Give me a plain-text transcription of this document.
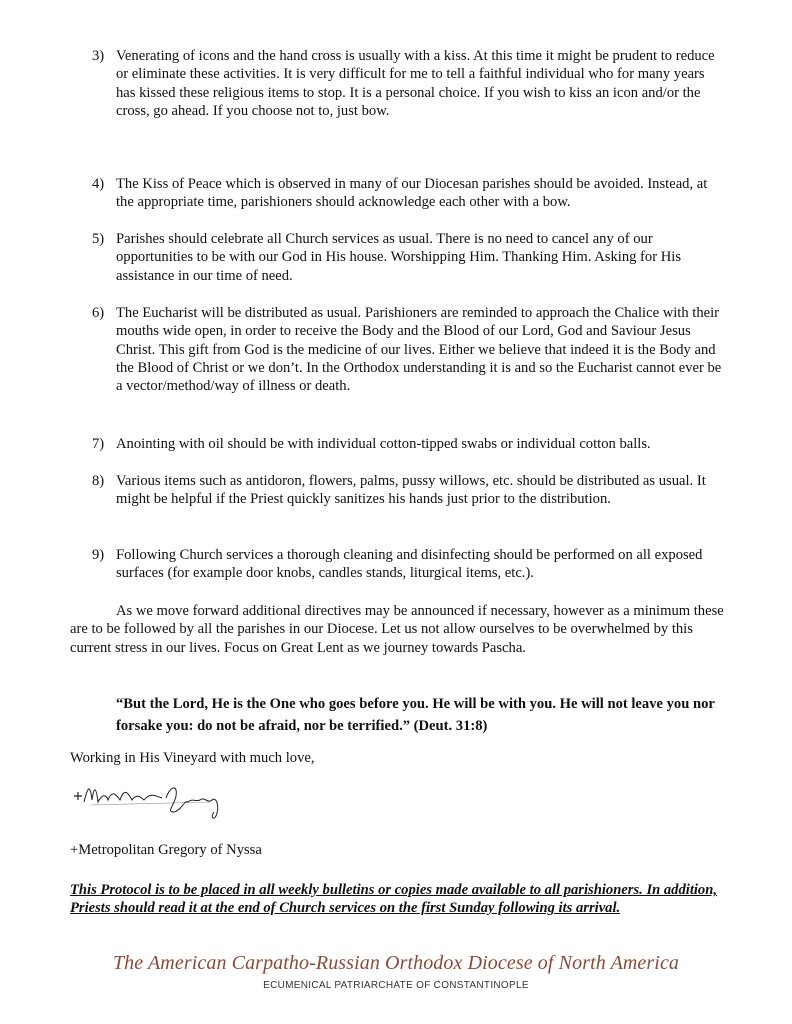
3) Venerating of icons and the hand cross is usually with a kiss. At this time it might be prudent to reduce or eliminate these activities. It is very difficult for me to tell a faithful individual who for many years has kissed these religious items to stop. It is a personal choice. If you wish to kiss an icon and/or the cross, go ahead. If you choose not to, just bow.
4) The Kiss of Peace which is observed in many of our Diocesan parishes should be avoided. Instead, at the appropriate time, parishioners should acknowledge each other with a bow.
5) Parishes should celebrate all Church services as usual. There is no need to cancel any of our opportunities to be with our God in His house. Worshipping Him. Thanking Him. Asking for His assistance in our time of need.
6) The Eucharist will be distributed as usual. Parishioners are reminded to approach the Chalice with their mouths wide open, in order to receive the Body and the Blood of our Lord, God and Saviour Jesus Christ. This gift from God is the medicine of our lives. Either we believe that indeed it is the Body and the Blood of Christ or we don’t. In the Orthodox understanding it is and so the Eucharist cannot ever be a vector/method/way of illness or death.
7) Anointing with oil should be with individual cotton-tipped swabs or individual cotton balls.
8) Various items such as antidoron, flowers, palms, pussy willows, etc. should be distributed as usual. It might be helpful if the Priest quickly sanitizes his hands just prior to the distribution.
9) Following Church services a thorough cleaning and disinfecting should be performed on all exposed surfaces (for example door knobs, candles stands, liturgical items, etc.).
As we move forward additional directives may be announced if necessary, however as a minimum these are to be followed by all the parishes in our Diocese. Let us not allow ourselves to be overwhelmed by this current stress in our lives. Focus on Great Lent as we journey towards Pascha.
“But the Lord, He is the One who goes before you. He will be with you. He will not leave you nor forsake you: do not be afraid, nor be terrified.” (Deut. 31:8)
Working in His Vineyard with much love,
+Metropolitan Gregory of Nyssa
This Protocol is to be placed in all weekly bulletins or copies made available to all parishioners. In addition, Priests should read it at the end of Church services on the first Sunday following its arrival.
The American Carpatho-Russian Orthodox Diocese of North America
ECUMENICAL PATRIARCHATE OF CONSTANTINOPLE
